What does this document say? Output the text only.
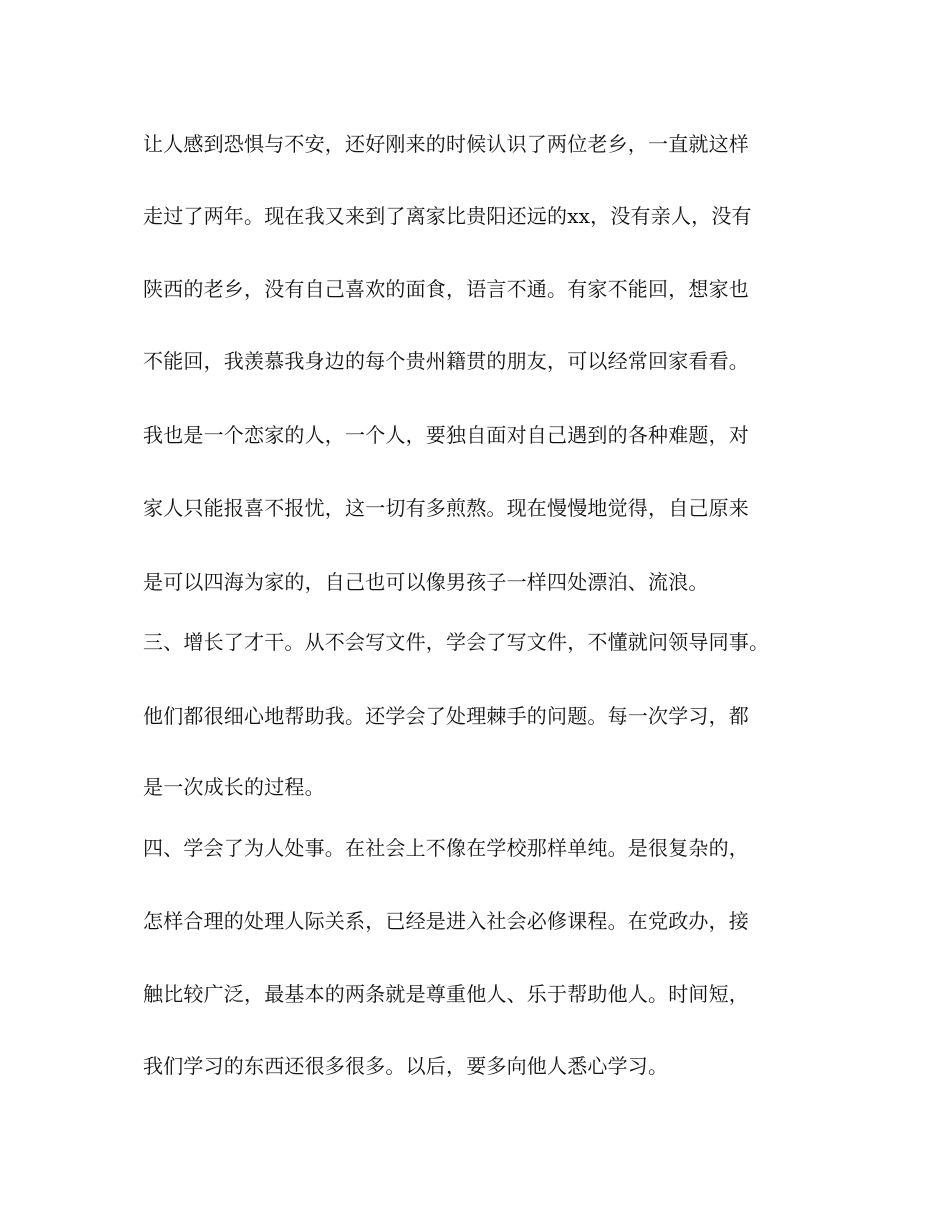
让人感到恐惧与不安，还好刚来的时候认识了两位老乡，一直就这样
走过了两年。现在我又来到了离家比贵阳还远的xx，没有亲人，没有
陕西的老乡，没有自己喜欢的面食，语言不通。有家不能回，想家也
不能回，我羡慕我身边的每个贵州籍贯的朋友，可以经常回家看看。
我也是一个恋家的人，一个人，要独自面对自己遇到的各种难题，对
家人只能报喜不报忧，这一切有多煎熬。现在慢慢地觉得，自己原来
是可以四海为家的，自己也可以像男孩子一样四处漂泊、流浪。
三、增长了才干。从不会写文件，学会了写文件，不懂就问领导同事。
他们都很细心地帮助我。还学会了处理棘手的问题。每一次学习，都
是一次成长的过程。
四、学会了为人处事。在社会上不像在学校那样单纯。是很复杂的，
怎样合理的处理人际关系，已经是进入社会必修课程。在党政办，接
触比较广泛，最基本的两条就是尊重他人、乐于帮助他人。时间短，
我们学习的东西还很多很多。以后，要多向他人悉心学习。
